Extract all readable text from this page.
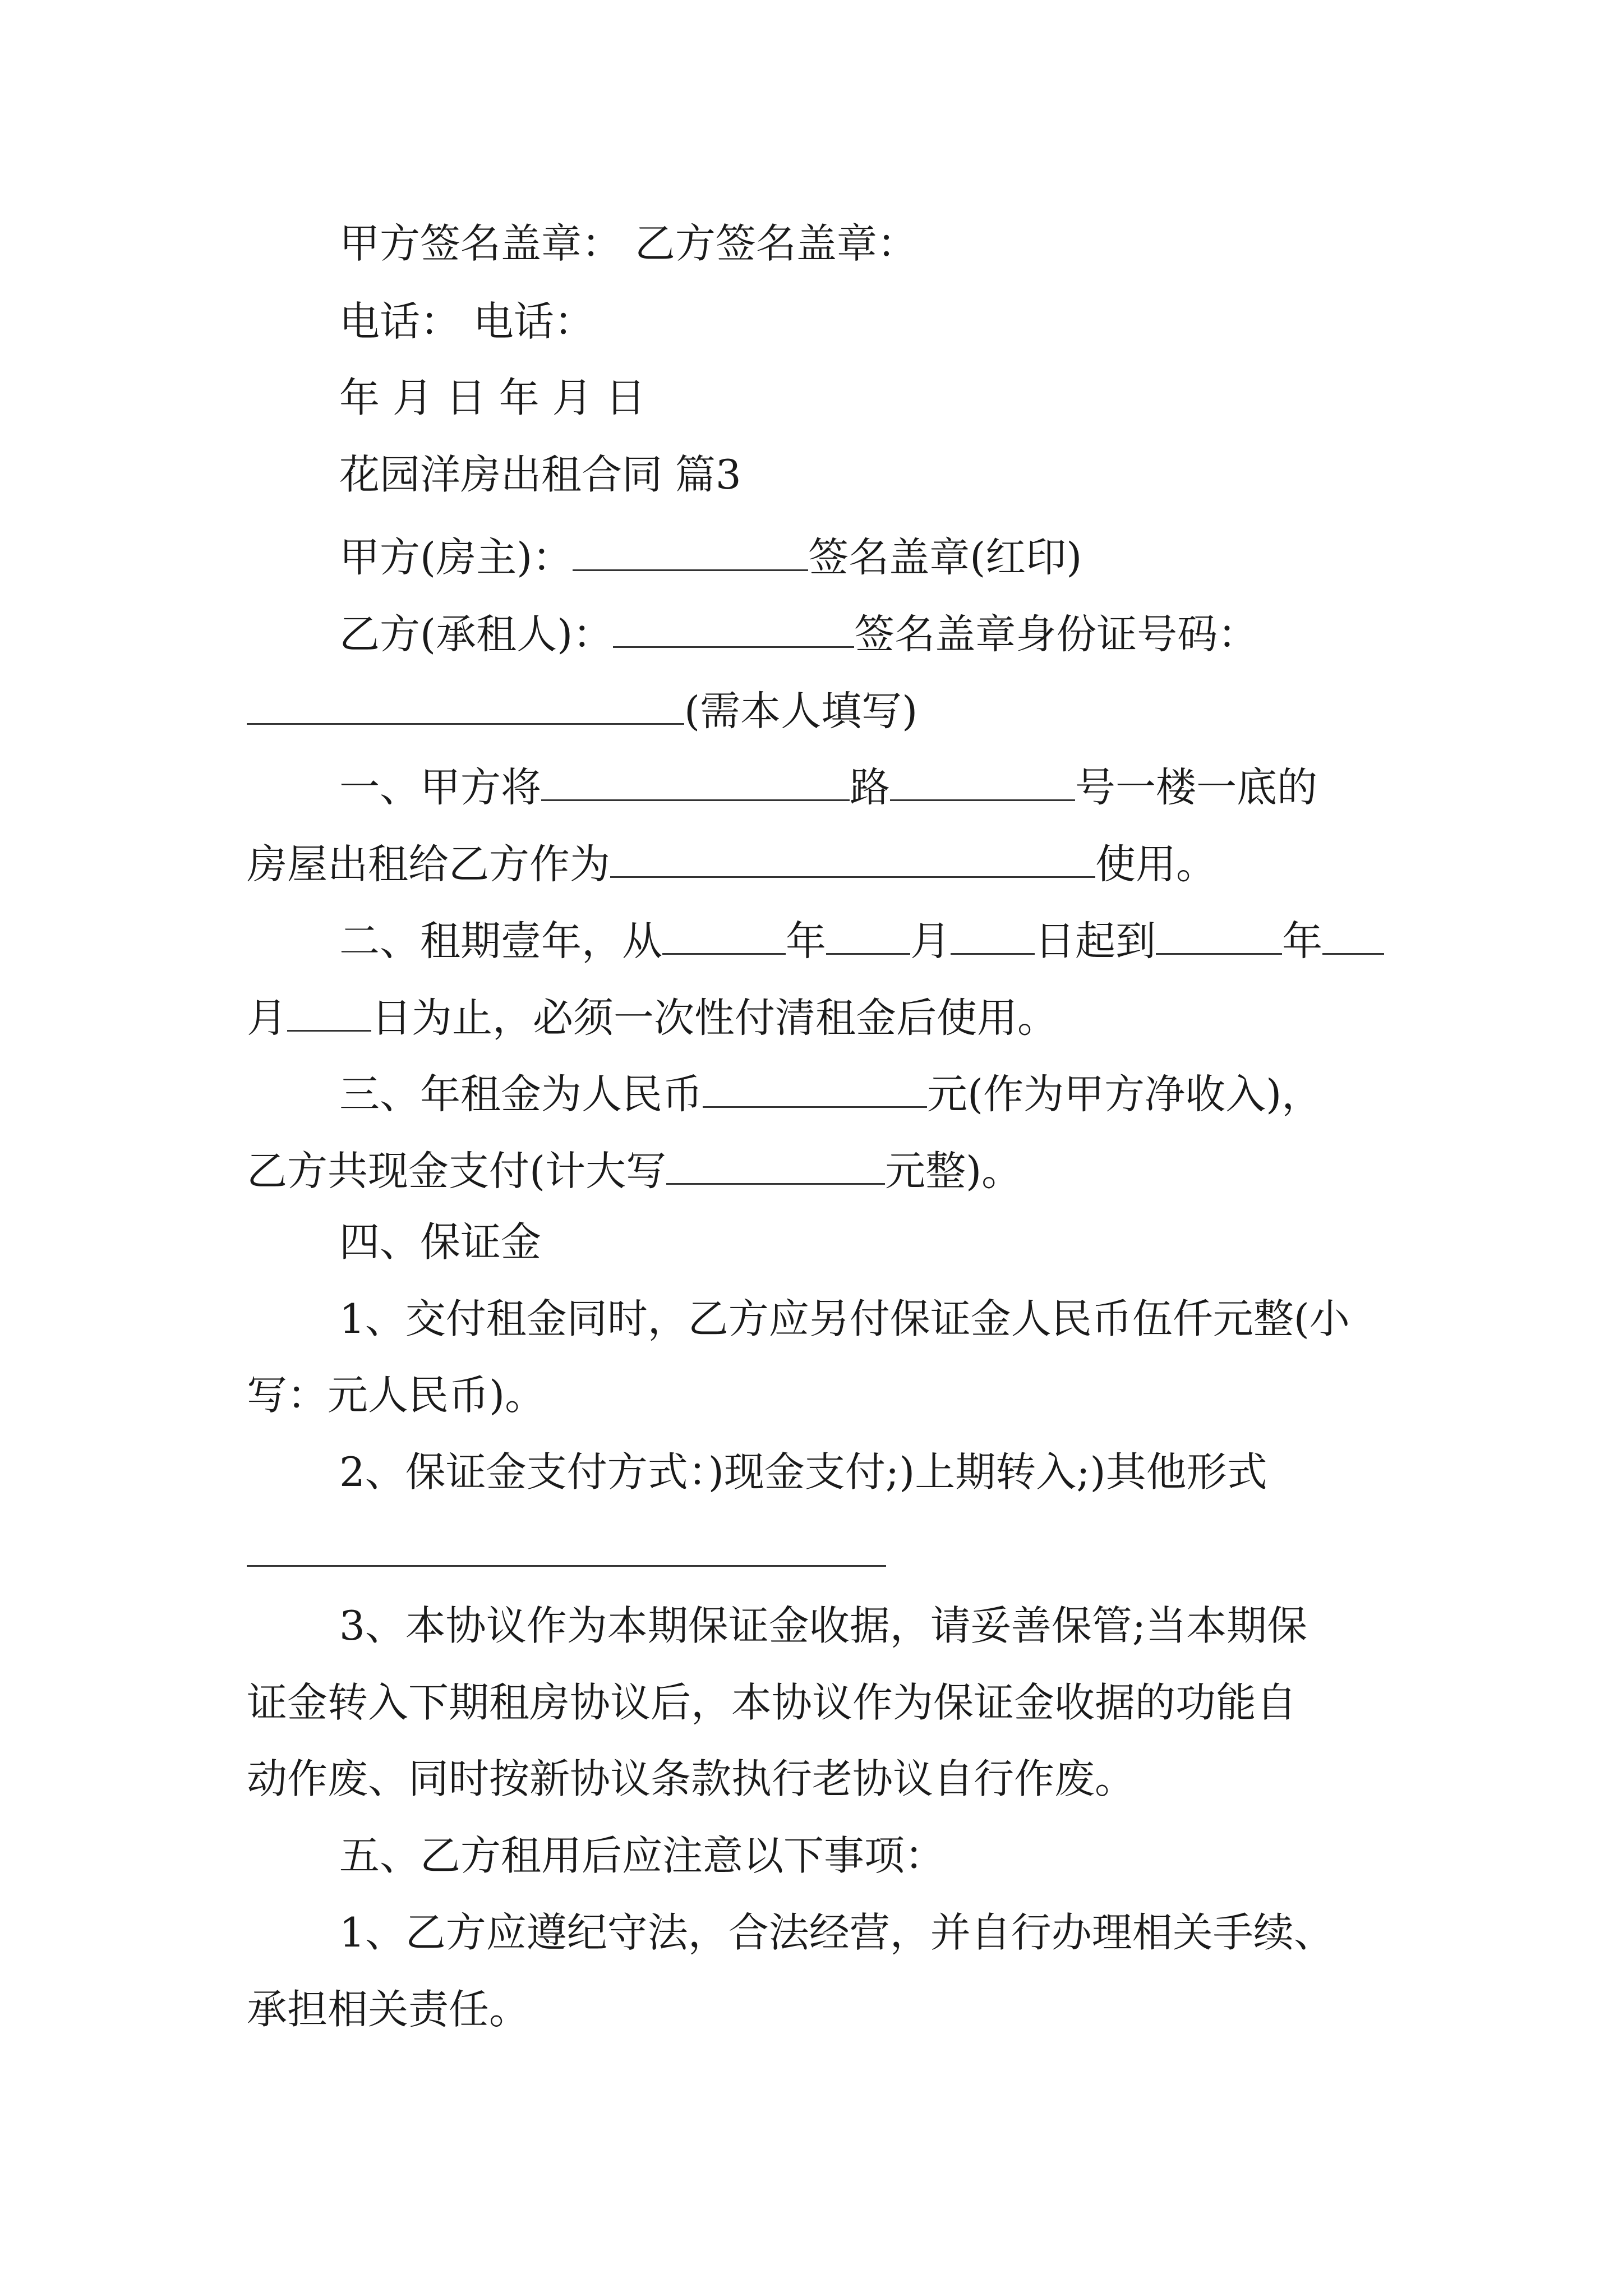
甲方签名盖章： 乙方签名盖章：
电话： 电话：
年 月 日 年 月 日
花园洋房出租合同 篇3
甲方(房主)：	签名盖章(红印)
乙方(承租人)：	签名盖章身份证号码：
(需本人填写)
一、甲方将	路	号一楼一底的
房屋出租给乙方作为	使用。
二、租期壹年，从	年 月 日起到	年
月 日为止，必须一次性付清租金后使用。
三、年租金为人民币	元(作为甲方净收入)，
乙方共现金支付(计大写	元整)。
四、保证金
1、交付租金同时，乙方应另付保证金人民币伍仟元整(小
写：元人民币)。
2、保证金支付方式：)现金支付;)上期转入;)其他形式
3、本协议作为本期保证金收据，请妥善保管;当本期保
证金转入下期租房协议后，本协议作为保证金收据的功能自
动作废、同时按新协议条款执行老协议自行作废。
五、乙方租用后应注意以下事项：
1、乙方应遵纪守法，合法经营，并自行办理相关手续、
承担相关责任。
